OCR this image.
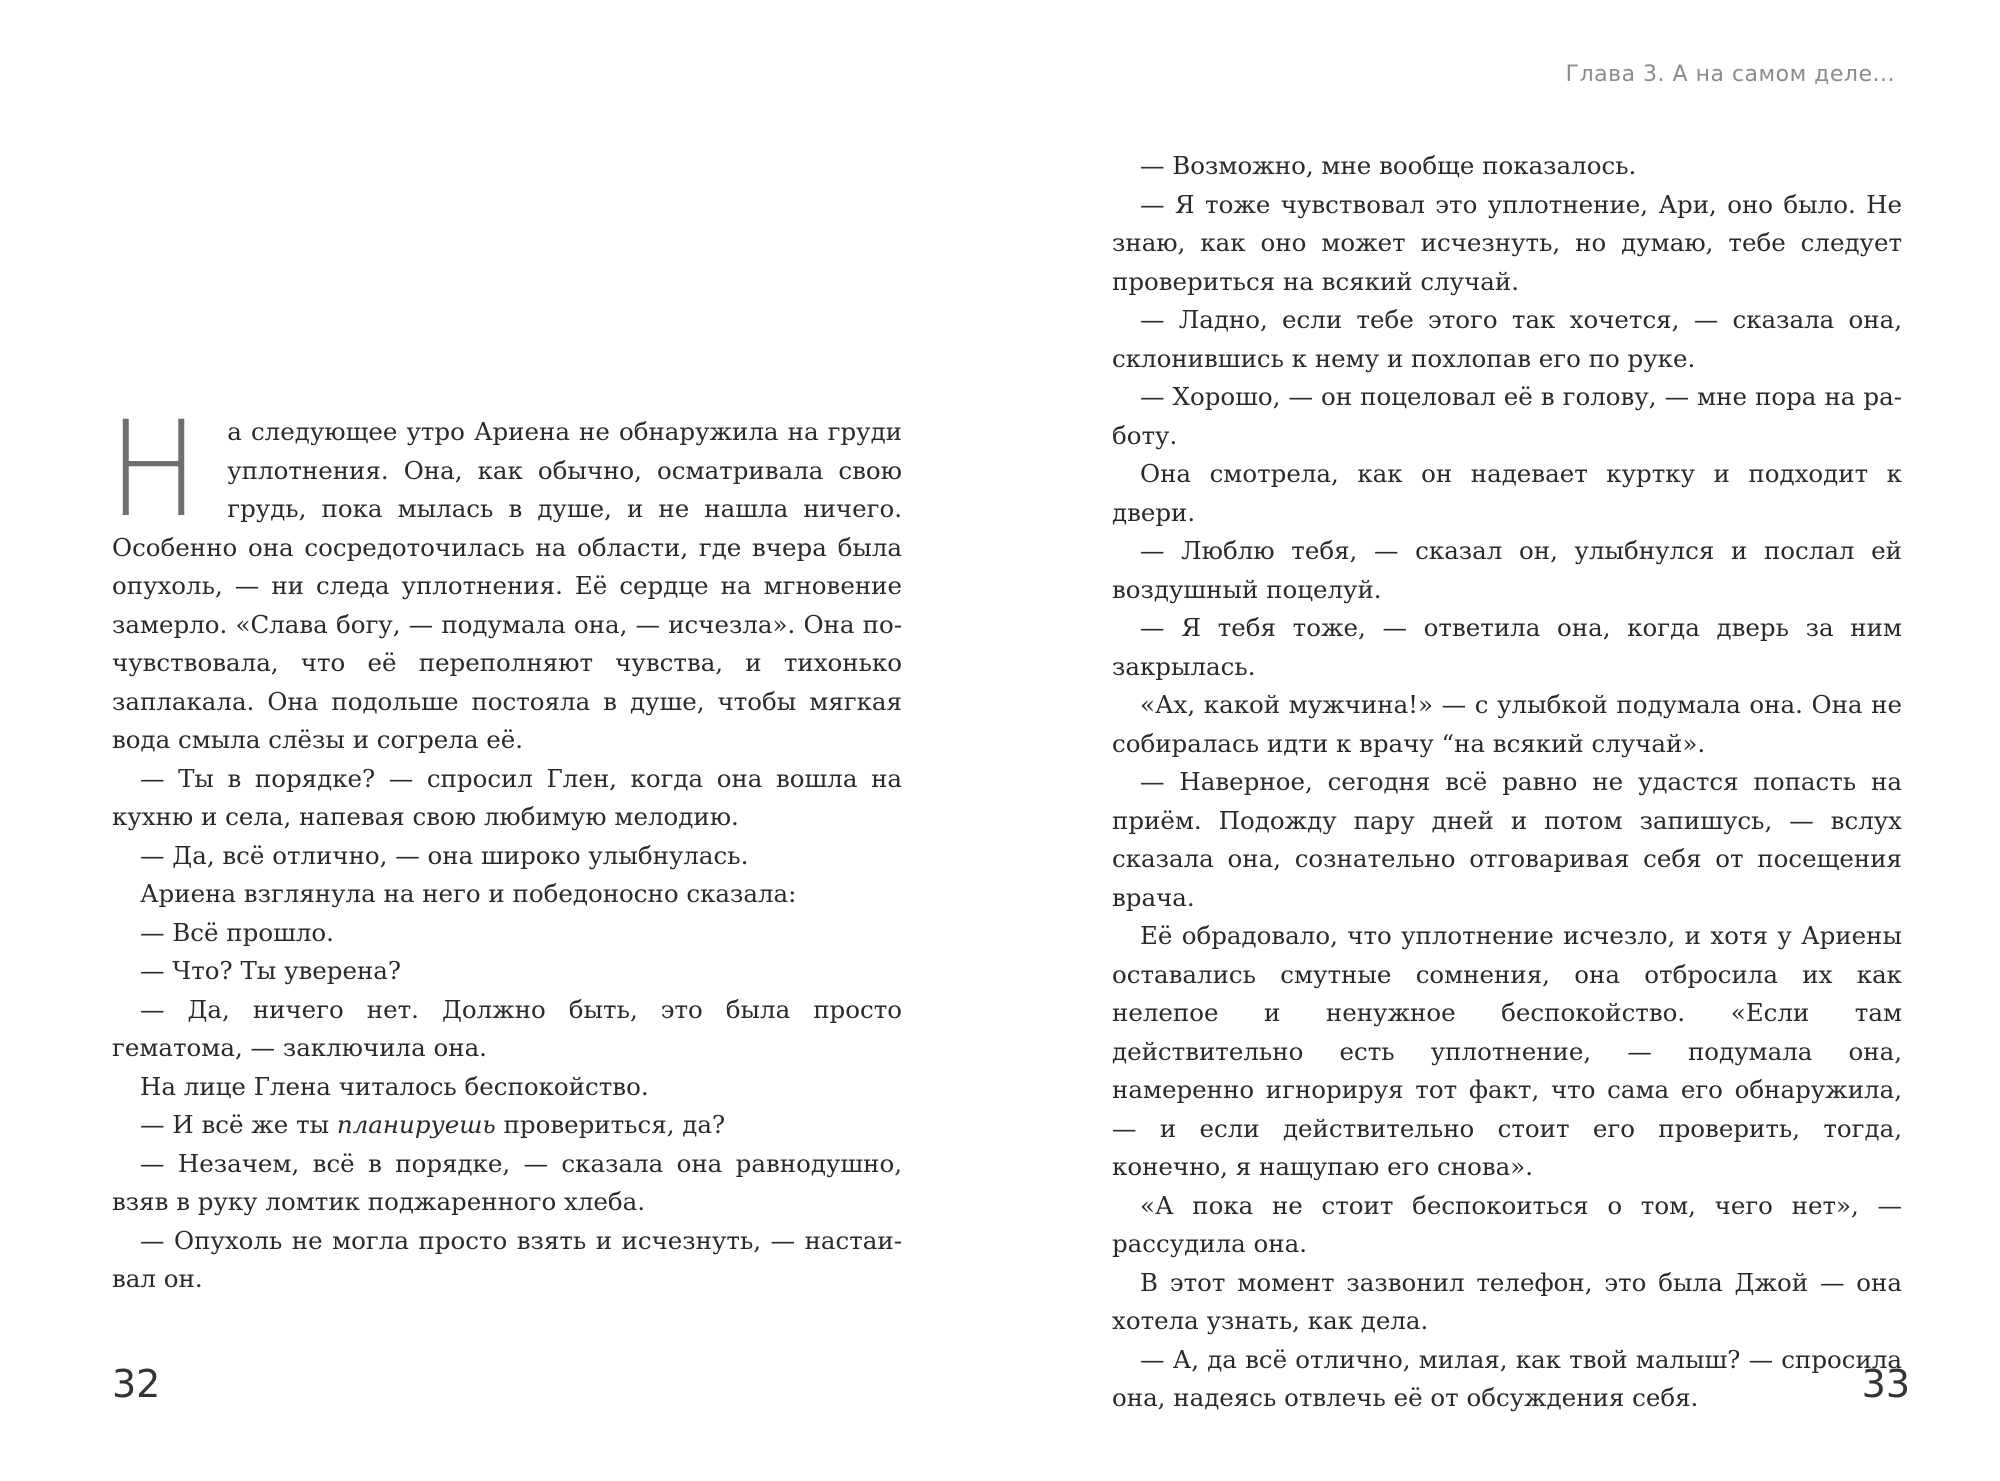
Н а следующее утро Ариена не обнаружила на груди уплотнения. Она, как обычно, осматривала свою грудь, пока мылась в душе, и не нашла ничего. Особенно она сосредоточилась на области, где вчера была опухоль, — ни следа уплотнения. Её сердце на мгновение замерло. «Слава богу, — подумала она, — исчезла». Она почувствовала, что её переполняют чувства, и тихонько заплакала. Она подольше постояла в душе, чтобы мягкая вода смыла слёзы и согрела её.

— Ты в порядке? — спросил Глен, когда она вошла на кухню и села, напевая свою любимую мелодию.

— Да, всё отлично, — она широко улыбнулась.

Ариена взглянула на него и победоносно сказала:

— Всё прошло.

— Что? Ты уверена?

— Да, ничего нет. Должно быть, это была просто гематома, — заключила она.

На лице Глена читалось беспокойство.

— И всё же ты планируешь провериться, да?

— Незачем, всё в порядке, — сказала она равнодушно, взяв в руку ломтик поджаренного хлеба.

— Опухоль не могла просто взять и исчезнуть, — настаивал он.

32
Глава 3. А на самом деле...

— Возможно, мне вообще показалось.

— Я тоже чувствовал это уплотнение, Ари, оно было. Не знаю, как оно может исчезнуть, но думаю, тебе следует провериться на всякий случай.

— Ладно, если тебе этого так хочется, — сказала она, склонившись к нему и похлопав его по руке.

— Хорошо, — он поцеловал её в голову, — мне пора на работу.

Она смотрела, как он надевает куртку и подходит к двери.

— Люблю тебя, — сказал он, улыбнулся и послал ей воздушный поцелуй.

— Я тебя тоже, — ответила она, когда дверь за ним закрылась.

«Ах, какой мужчина!» — с улыбкой подумала она. Она не собиралась идти к врачу “на всякий случай».

— Наверное, сегодня всё равно не удастся попасть на приём. Подожду пару дней и потом запишусь, — вслух сказала она, сознательно отговаривая себя от посещения врача.

Её обрадовало, что уплотнение исчезло, и хотя у Ариены оставались смутные сомнения, она отбросила их как нелепое и ненужное беспокойство. «Если там действительно есть уплотнение, — подумала она, намеренно игнорируя тот факт, что сама его обнаружила, — и если действительно стоит его проверить, тогда, конечно, я нащупаю его снова».

«А пока не стоит беспокоиться о том, чего нет», — рассудила она.

В этот момент зазвонил телефон, это была Джой — она хотела узнать, как дела.

— А, да всё отлично, милая, как твой малыш? — спросила она, надеясь отвлечь её от обсуждения себя.	33
